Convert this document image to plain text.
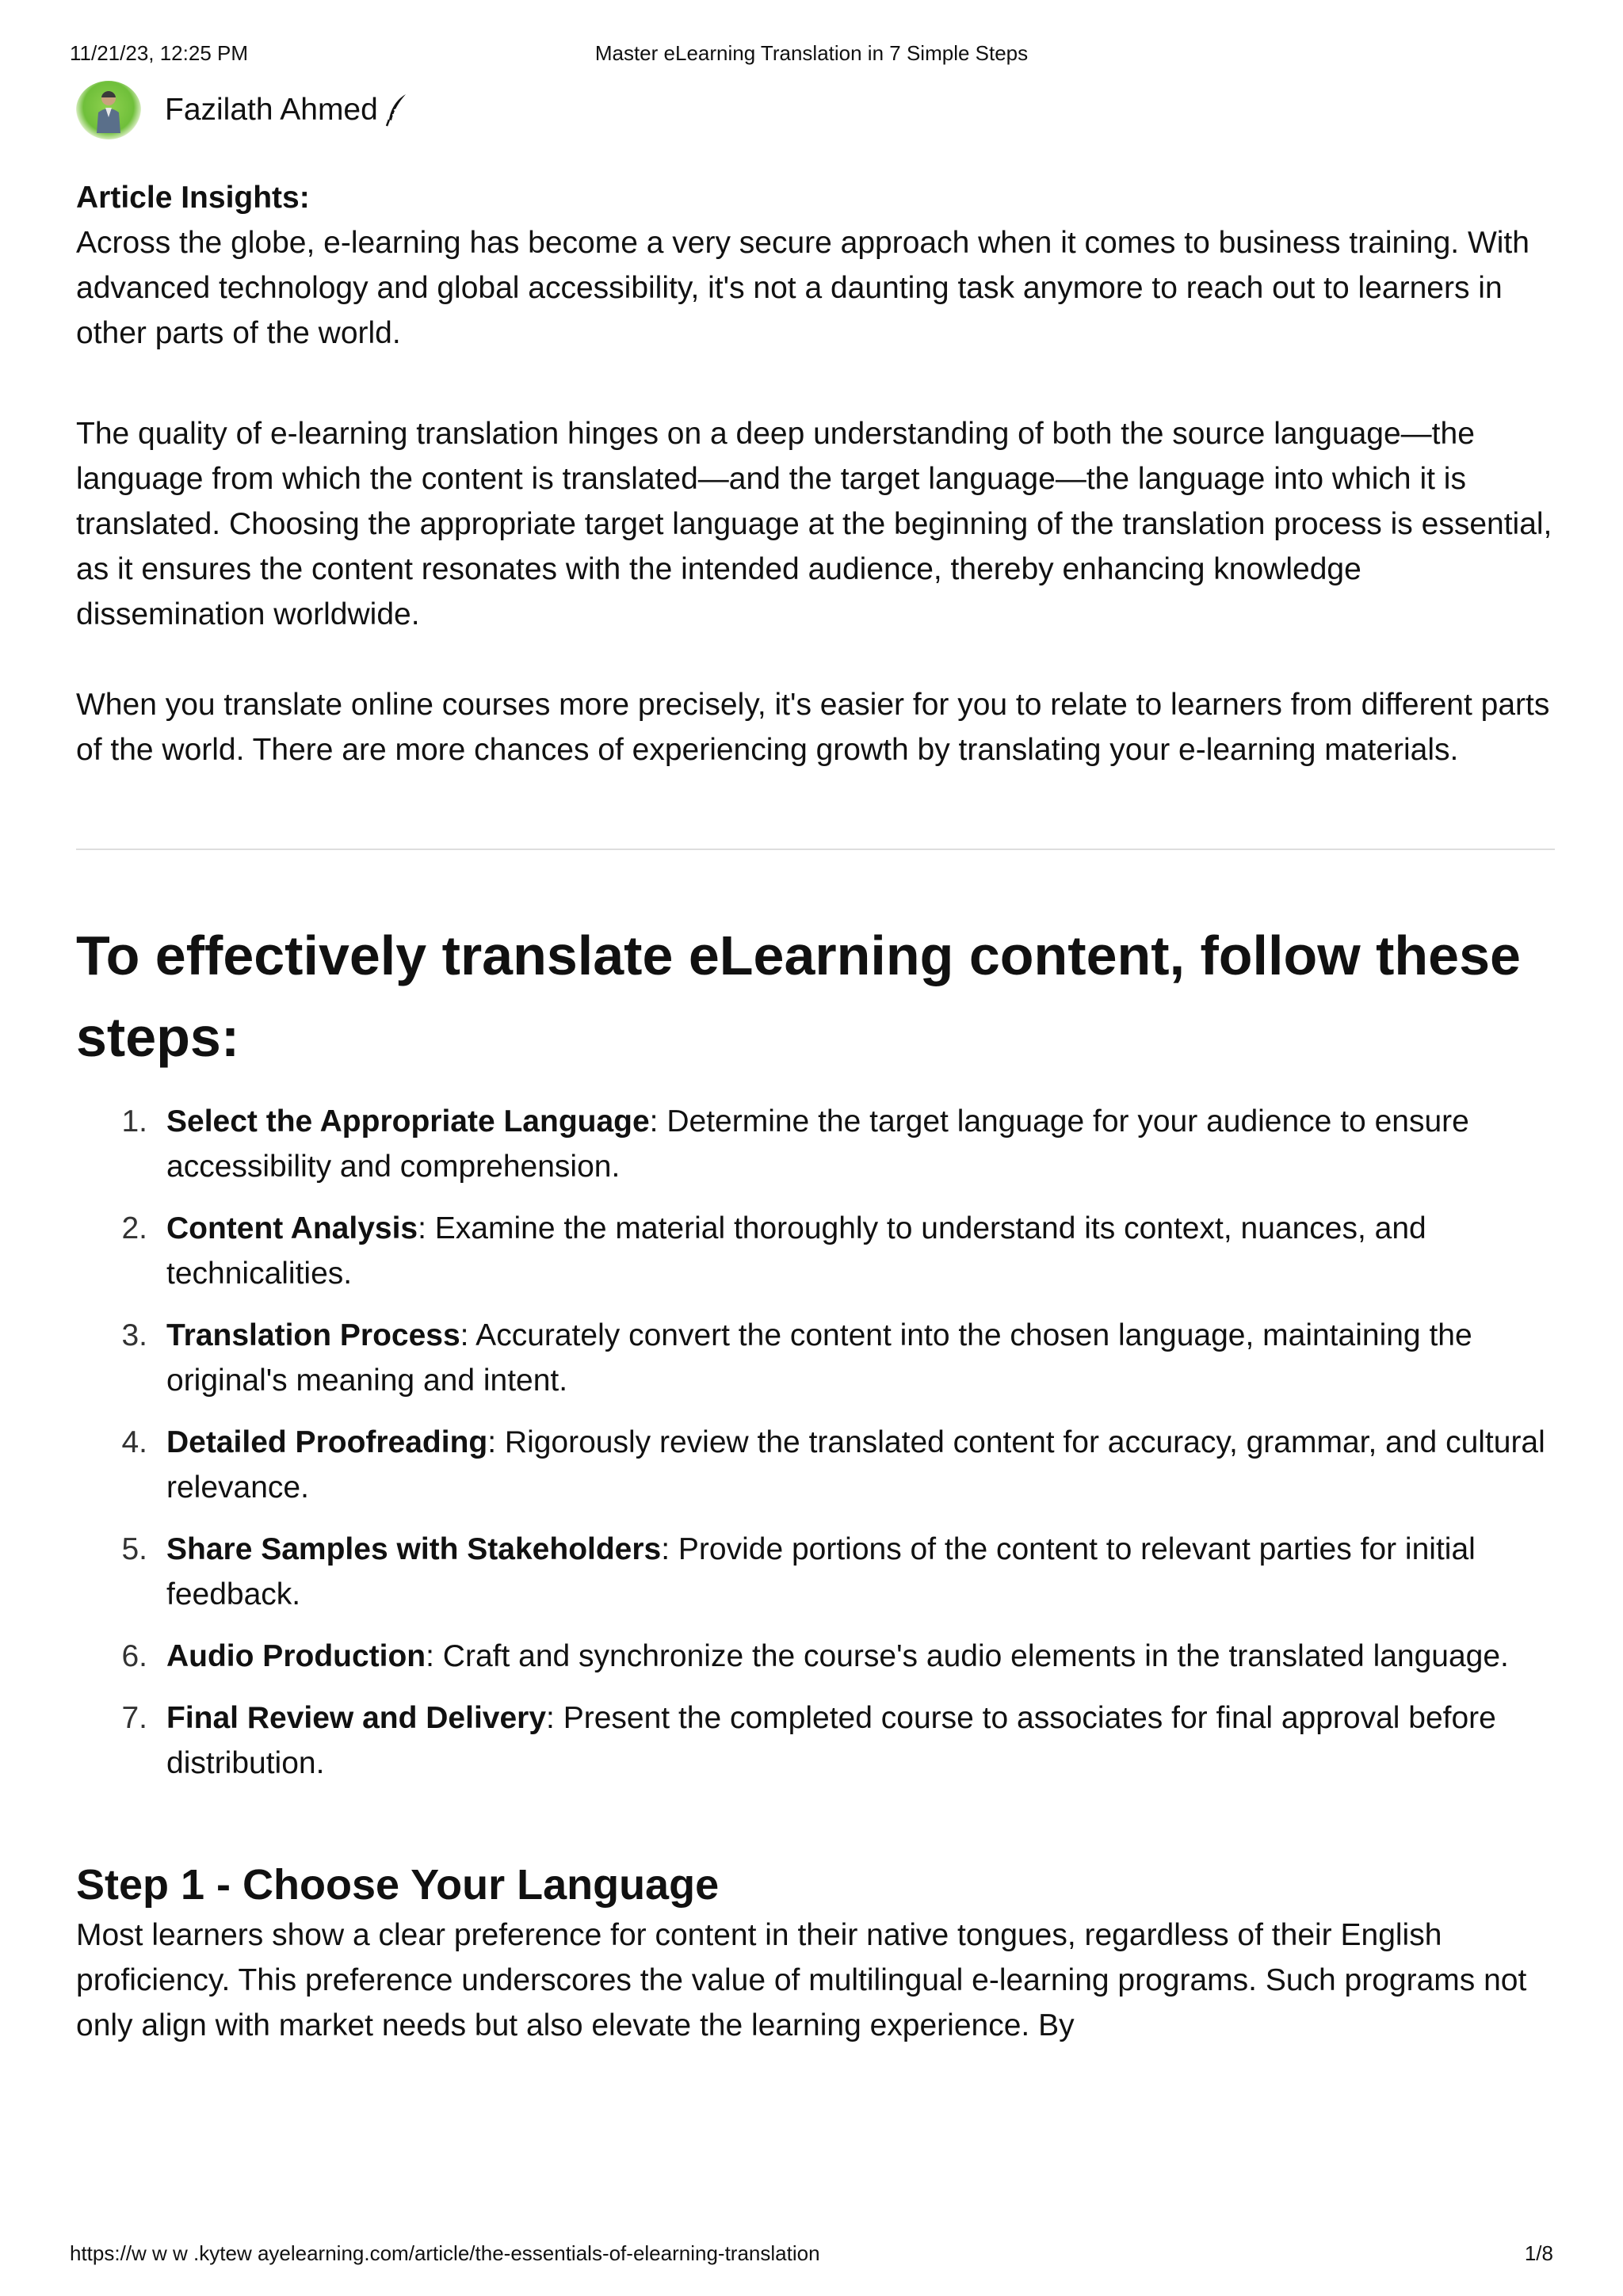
11/21/23, 12:25 PM	Master eLearning Translation in 7 Simple Steps
Fazilath Ahmed
Article Insights:

Across the globe, e-learning has become a very secure approach when it comes to business training. With advanced technology and global accessibility, it's not a daunting task anymore to reach out to learners in other parts of the world.

The quality of e-learning translation hinges on a deep understanding of both the source language—the language from which the content is translated—and the target language—the language into which it is translated. Choosing the appropriate target language at the beginning of the translation process is essential, as it ensures the content resonates with the intended audience, thereby enhancing knowledge dissemination worldwide.

When you translate online courses more precisely, it's easier for you to relate to learners from different parts of the world. There are more chances of experiencing growth by translating your e-learning materials.

To effectively translate eLearning content, follow these steps:
1. Select the Appropriate Language: Determine the target language for your audience to ensure accessibility and comprehension.
2. Content Analysis: Examine the material thoroughly to understand its context, nuances, and technicalities.
3. Translation Process: Accurately convert the content into the chosen language, maintaining the original's meaning and intent.
4. Detailed Proofreading: Rigorously review the translated content for accuracy, grammar, and cultural relevance.
5. Share Samples with Stakeholders: Provide portions of the content to relevant parties for initial feedback.
6. Audio Production: Craft and synchronize the course's audio elements in the translated language.
7. Final Review and Delivery: Present the completed course to associates for final approval before distribution.
Step 1 - Choose Your Language

Most learners show a clear preference for content in their native tongues, regardless of their English proficiency. This preference underscores the value of multilingual e-learning programs. Such programs not only align with market needs but also elevate the learning experience. By

https://w w w .kytew ayelearning.com/article/the-essentials-of-elearning-translation	1/8
